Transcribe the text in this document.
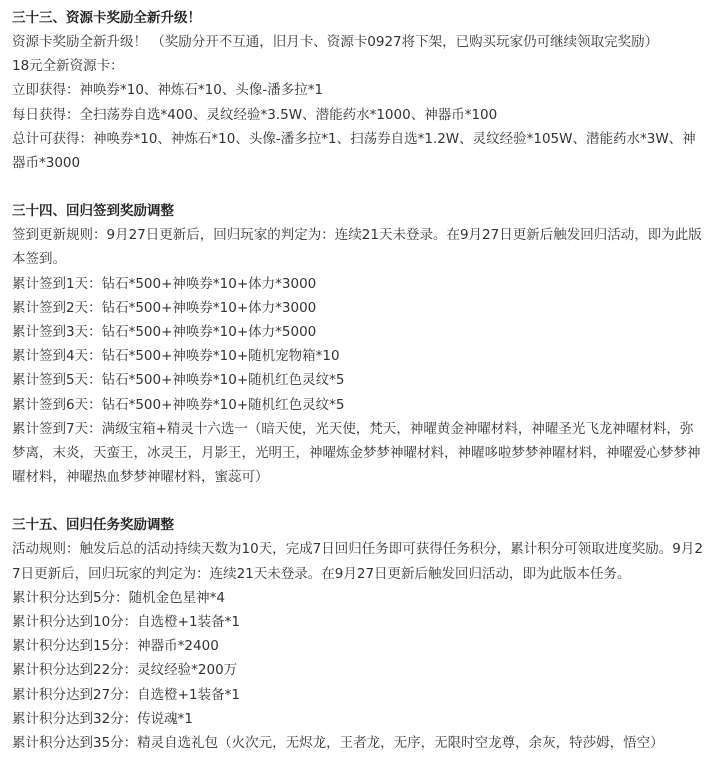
三十三、资源卡奖励全新升级！

资源卡奖励全新升级！ （奖励分开不互通，旧月卡、资源卡0927将下架，已购买玩家仍可继续领取完奖励）

18元全新资源卡：

立即获得：神唤券*10、神炼石*10、头像-潘多拉*1

每日获得：全扫荡券自选*400、灵纹经验*3.5W、潜能药水*1000、神器币*100

总计可获得：神唤券*10、神炼石*10、头像-潘多拉*1、扫荡券自选*1.2W、灵纹经验*105W、潜能药水*3W、神器币*3000

三十四、回归签到奖励调整

签到更新规则：9月27日更新后，回归玩家的判定为：连续21天未登录。在9月27日更新后触发回归活动，即为此版本签到。

累计签到1天：钻石*500+神唤券*10+体力*3000

累计签到2天：钻石*500+神唤券*10+体力*3000

累计签到3天：钻石*500+神唤券*10+体力*5000

累计签到4天：钻石*500+神唤券*10+随机宠物箱*10

累计签到5天：钻石*500+神唤券*10+随机红色灵纹*5

累计签到6天：钻石*500+神唤券*10+随机红色灵纹*5

累计签到7天：满级宝箱+精灵十六选一（暗天使，光天使，梵天，神曜黄金神曜材料，神曜圣光飞龙神曜材料，弥梦离，末炎，天蛮王，冰灵王，月影王，光明王，神曜炼金梦梦神曜材料，神曜哆啦梦梦神曜材料，神曜爱心梦梦神曜材料，神曜热血梦梦神曜材料，蜜蕊可）

三十五、回归任务奖励调整

活动规则：触发后总的活动持续天数为10天，完成7日回归任务即可获得任务积分，累计积分可领取进度奖励。9月27日更新后，回归玩家的判定为：连续21天未登录。在9月27日更新后触发回归活动，即为此版本任务。

累计积分达到5分：随机金色星神*4

累计积分达到10分：自选橙+1装备*1

累计积分达到15分：神器币*2400

累计积分达到22分：灵纹经验*200万

累计积分达到27分：自选橙+1装备*1

累计积分达到32分：传说魂*1

累计积分达到35分：精灵自选礼包（火次元，无烬龙，王者龙，无序，无限时空龙尊，余灰，特莎姆，悟空）
